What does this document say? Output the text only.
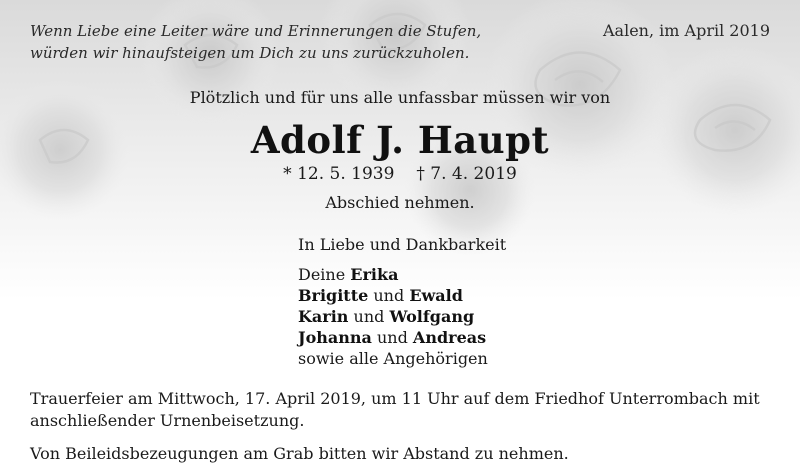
Wenn Liebe eine Leiter wäre und Erinnerungen die Stufen,
würden wir hinaufsteigen um Dich zu uns zurückzuholen.
Aalen, im April 2019
Plötzlich und für uns alle unfassbar müssen wir von
Adolf J. Haupt
* 12. 5. 1939 † 7. 4. 2019
Abschied nehmen.
In Liebe und Dankbarkeit
Deine Erika
Brigitte und Ewald
Karin und Wolfgang
Johanna und Andreas
sowie alle Angehörigen
Trauerfeier am Mittwoch, 17. April 2019, um 11 Uhr auf dem Friedhof Unterrombach mit anschließender Urnenbeisetzung.
Von Beileidsbezeugungen am Grab bitten wir Abstand zu nehmen.
